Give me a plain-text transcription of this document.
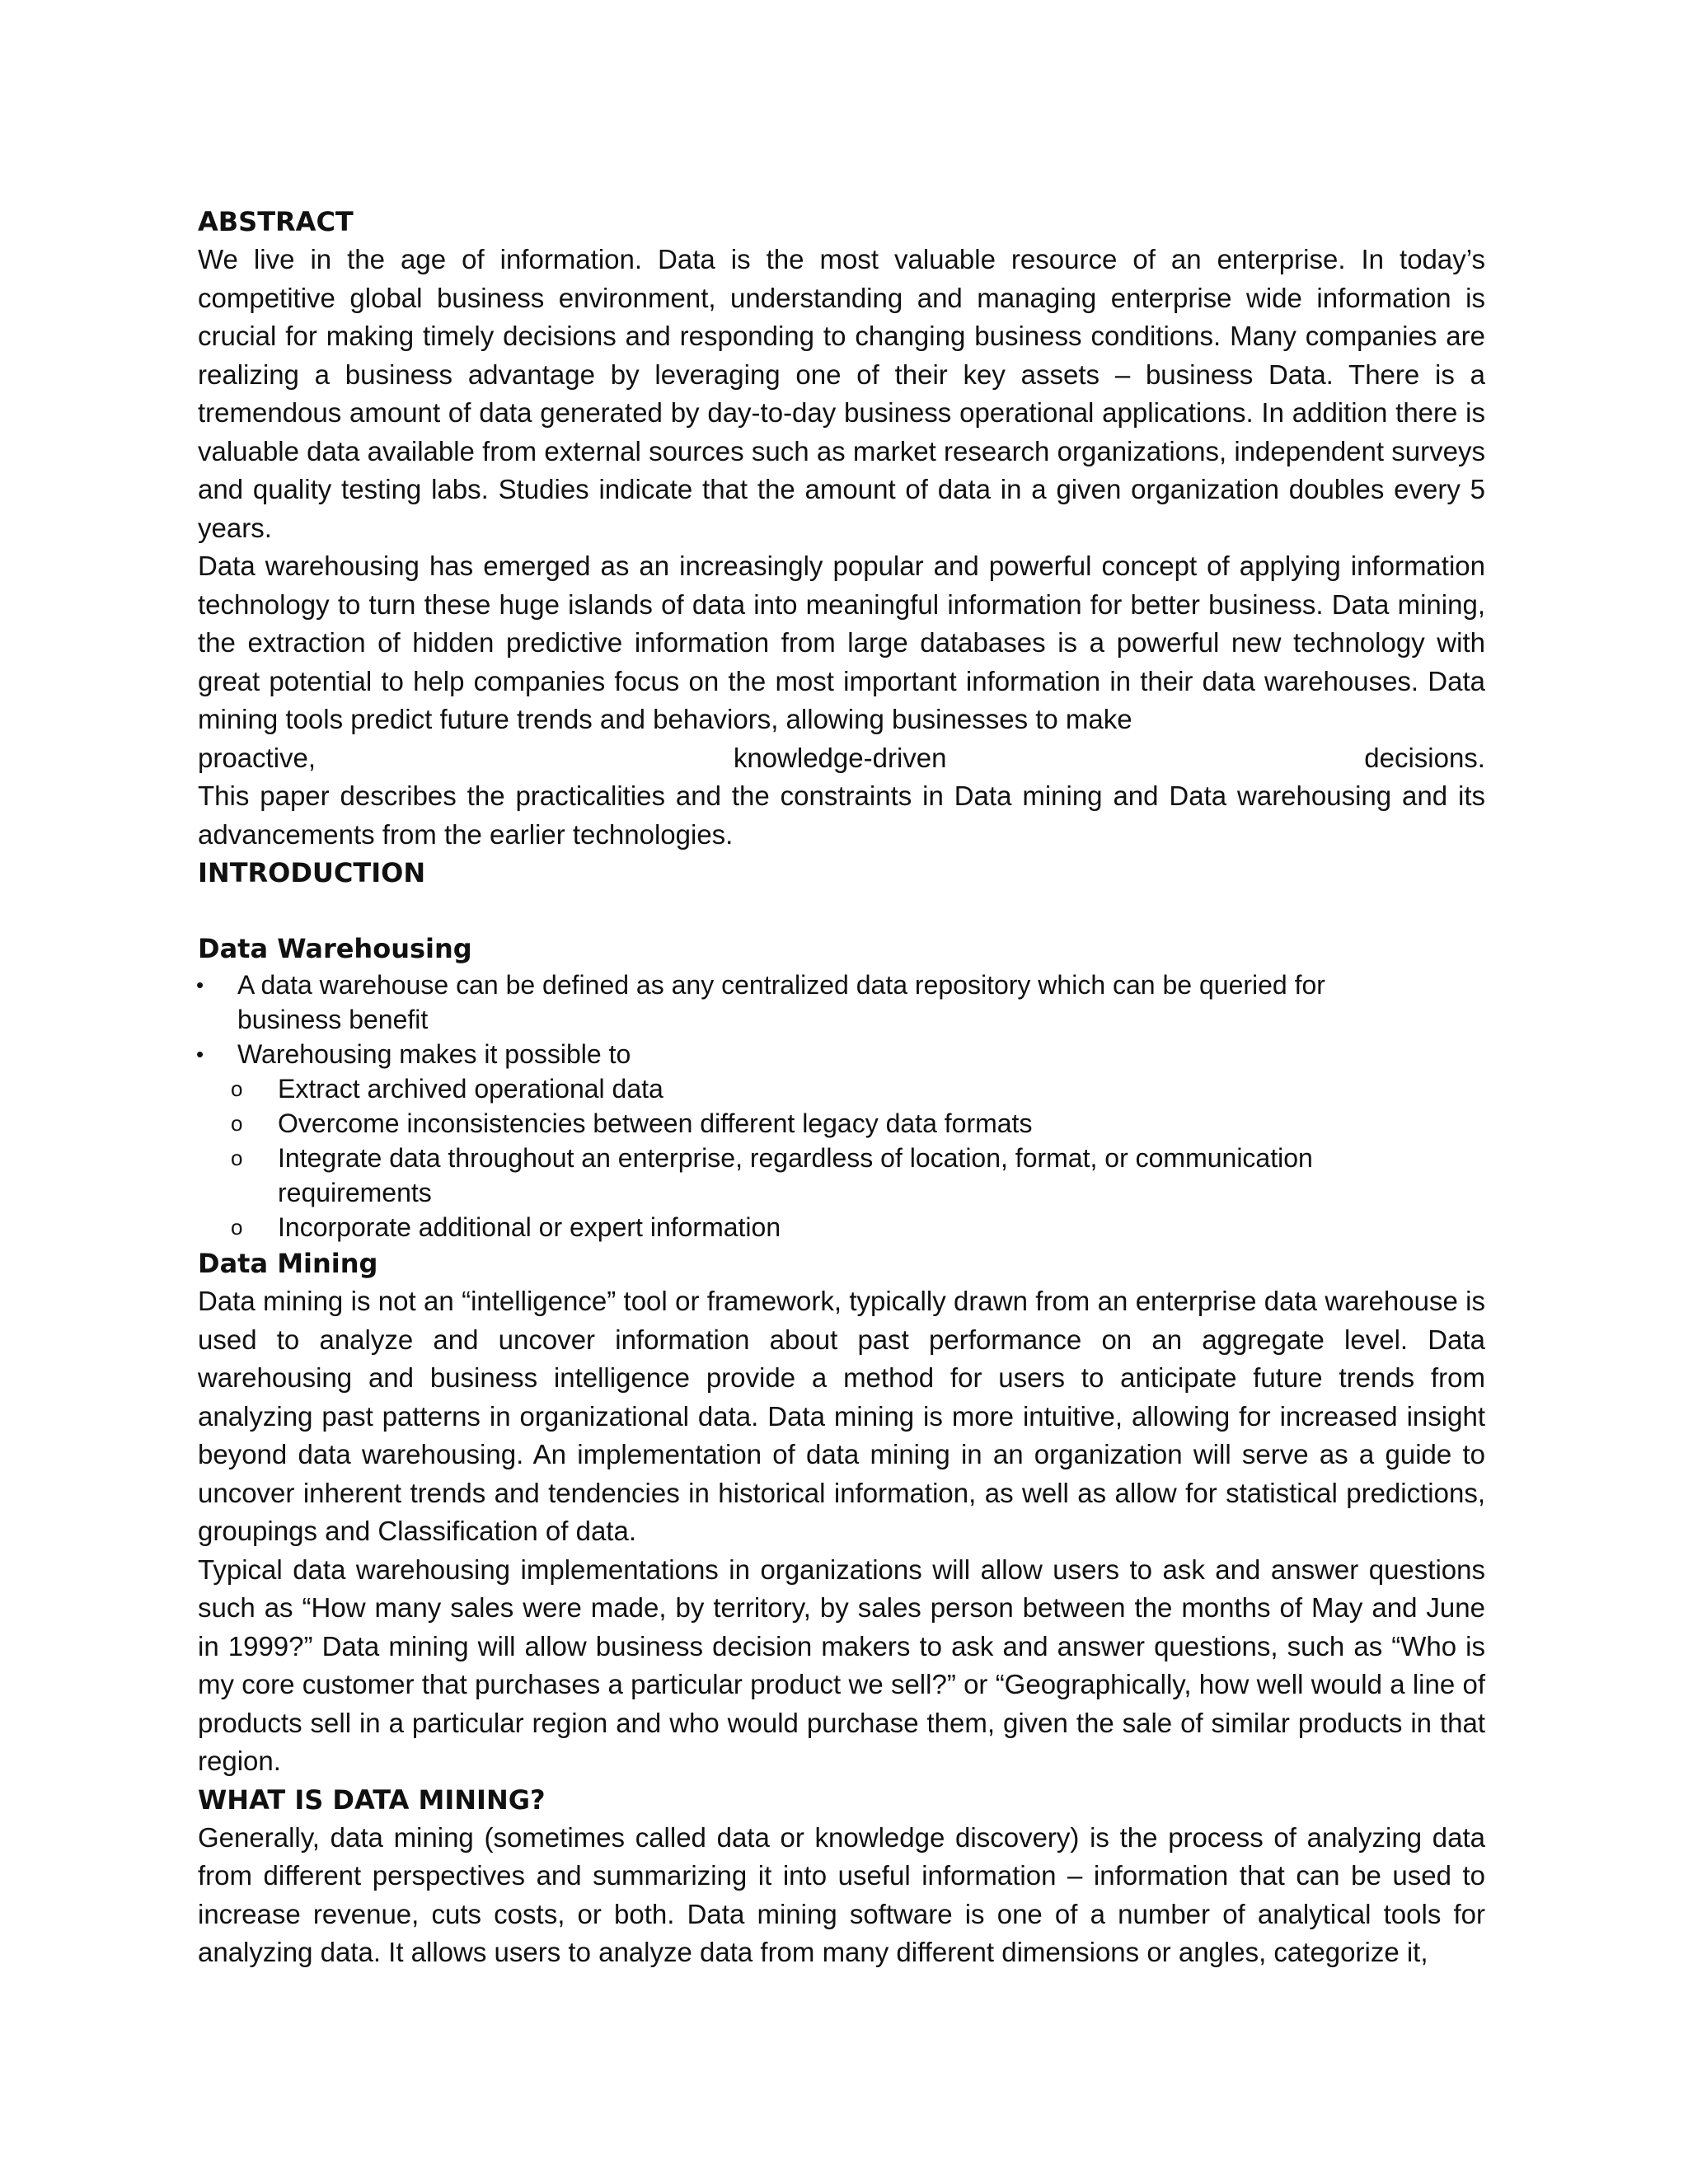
ABSTRACT

We live in the age of information. Data is the most valuable resource of an enterprise. In today’s competitive global business environment, understanding and managing enterprise wide information is crucial for making timely decisions and responding to changing business conditions. Many companies are realizing a business advantage by leveraging one of their key assets – business Data. There is a tremendous amount of data generated by day-to-day business operational applications. In addition there is valuable data available from external sources such as market research organizations, independent surveys and quality testing labs. Studies indicate that the amount of data in a given organization doubles every 5 years.

Data warehousing has emerged as an increasingly popular and powerful concept of applying information technology to turn these huge islands of data into meaningful information for better business. Data mining, the extraction of hidden predictive information from large databases is a powerful new technology with great potential to help companies focus on the most important information in their data warehouses. Data mining tools predict future trends and behaviors, allowing businesses to make

proactive,	knowledge-driven	decisions.

This paper describes the practicalities and the constraints in Data mining and Data warehousing and its advancements from the earlier technologies.

INTRODUCTION
Data Warehousing
• A data warehouse can be defined as any centralized data repository which can be queried for business benefit
• Warehousing makes it possible to
o Extract archived operational data
o Overcome inconsistencies between different legacy data formats
o Integrate data throughout an enterprise, regardless of location, format, or communication requirements
o Incorporate additional or expert information
Data Mining

Data mining is not an “intelligence” tool or framework, typically drawn from an enterprise data warehouse is used to analyze and uncover information about past performance on an aggregate level. Data warehousing and business intelligence provide a method for users to anticipate future trends from analyzing past patterns in organizational data. Data mining is more intuitive, allowing for increased insight beyond data warehousing. An implementation of data mining in an organization will serve as a guide to uncover inherent trends and tendencies in historical information, as well as allow for statistical predictions, groupings and Classification of data.

Typical data warehousing implementations in organizations will allow users to ask and answer questions such as “How many sales were made, by territory, by sales person between the months of May and June in 1999?” Data mining will allow business decision makers to ask and answer questions, such as “Who is my core customer that purchases a particular product we sell?” or “Geographically, how well would a line of products sell in a particular region and who would purchase them, given the sale of similar products in that region.

WHAT IS DATA MINING?

Generally, data mining (sometimes called data or knowledge discovery) is the process of analyzing data from different perspectives and summarizing it into useful information – information that can be used to increase revenue, cuts costs, or both. Data mining software is one of a number of analytical tools for analyzing data. It allows users to analyze data from many different dimensions or angles, categorize it,
